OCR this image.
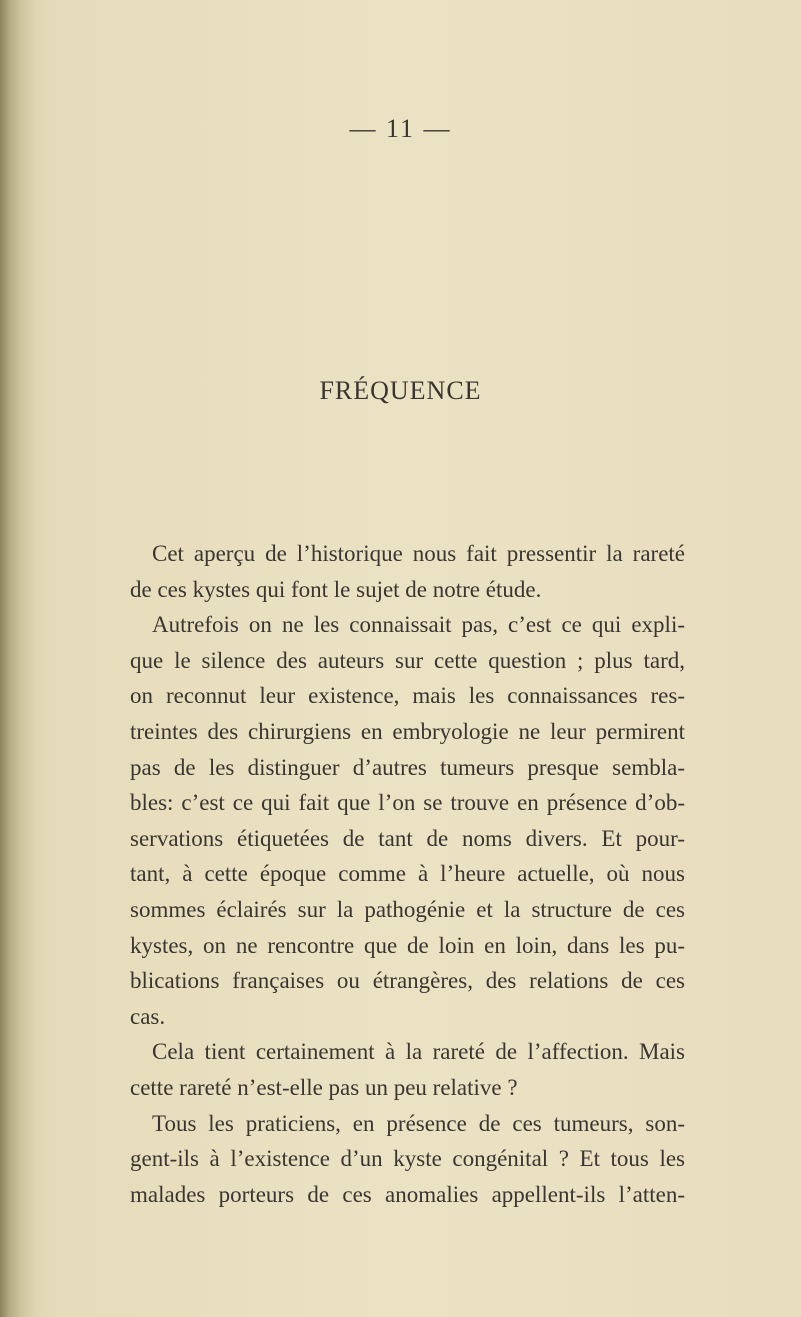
— 11 —
FRÉQUENCE
Cet aperçu de l’historique nous fait pressentir la rareté
de ces kystes qui font le sujet de notre étude.
Autrefois on ne les connaissait pas, c’est ce qui expli-
que le silence des auteurs sur cette question ; plus tard,
on reconnut leur existence, mais les connaissances res-
treintes des chirurgiens en embryologie ne leur permirent
pas de les distinguer d’autres tumeurs presque sembla-
bles: c’est ce qui fait que l’on se trouve en présence d’ob-
servations étiquetées de tant de noms divers. Et pour-
tant, à cette époque comme à l’heure actuelle, où nous
sommes éclairés sur la pathogénie et la structure de ces
kystes, on ne rencontre que de loin en loin, dans les pu-
blications françaises ou étrangères, des relations de ces
cas.
Cela tient certainement à la rareté de l’affection. Mais
cette rareté n’est-elle pas un peu relative ?
Tous les praticiens, en présence de ces tumeurs, son-
gent-ils à l’existence d’un kyste congénital ? Et tous les
malades porteurs de ces anomalies appellent-ils l’atten-
